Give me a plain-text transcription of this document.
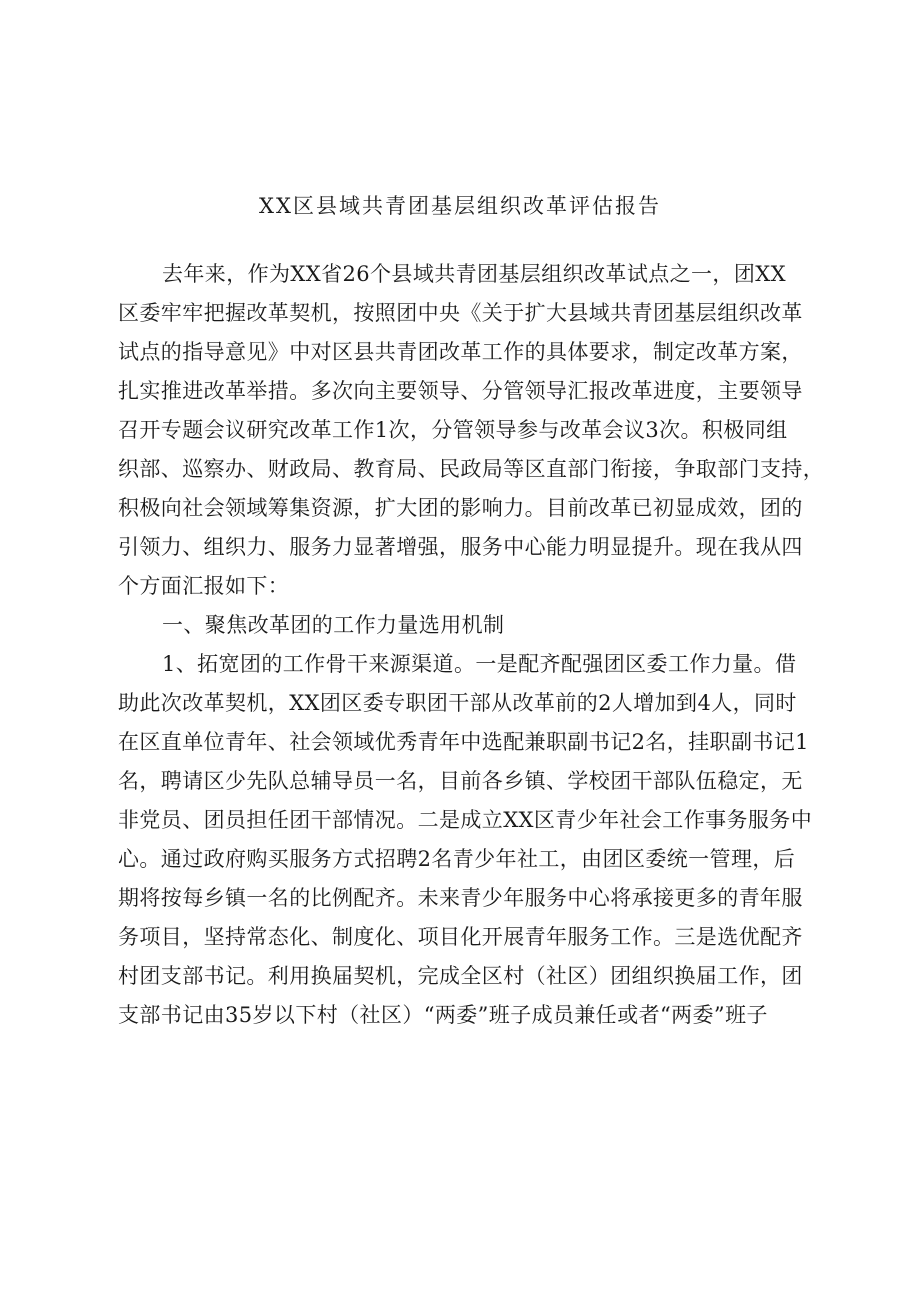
XX区县域共青团基层组织改革评估报告
去年来，作为XX省26个县域共青团基层组织改革试点之一，团XX
区委牢牢把握改革契机，按照团中央《关于扩大县域共青团基层组织改革
试点的指导意见》中对区县共青团改革工作的具体要求，制定改革方案，
扎实推进改革举措。多次向主要领导、分管领导汇报改革进度，主要领导
召开专题会议研究改革工作1次，分管领导参与改革会议3次。积极同组
织部、巡察办、财政局、教育局、民政局等区直部门衔接，争取部门支持，
积极向社会领域筹集资源，扩大团的影响力。目前改革已初显成效，团的
引领力、组织力、服务力显著增强，服务中心能力明显提升。现在我从四
个方面汇报如下：
一、聚焦改革团的工作力量选用机制
1、拓宽团的工作骨干来源渠道。一是配齐配强团区委工作力量。借
助此次改革契机，XX团区委专职团干部从改革前的2人增加到4人，同时
在区直单位青年、社会领域优秀青年中选配兼职副书记2名，挂职副书记1
名，聘请区少先队总辅导员一名，目前各乡镇、学校团干部队伍稳定，无
非党员、团员担任团干部情况。二是成立XX区青少年社会工作事务服务中
心。通过政府购买服务方式招聘2名青少年社工，由团区委统一管理，后
期将按每乡镇一名的比例配齐。未来青少年服务中心将承接更多的青年服
务项目，坚持常态化、制度化、项目化开展青年服务工作。三是选优配齐
村团支部书记。利用换届契机，完成全区村（社区）团组织换届工作，团
支部书记由35岁以下村（社区）“两委”班子成员兼任或者“两委”班子
